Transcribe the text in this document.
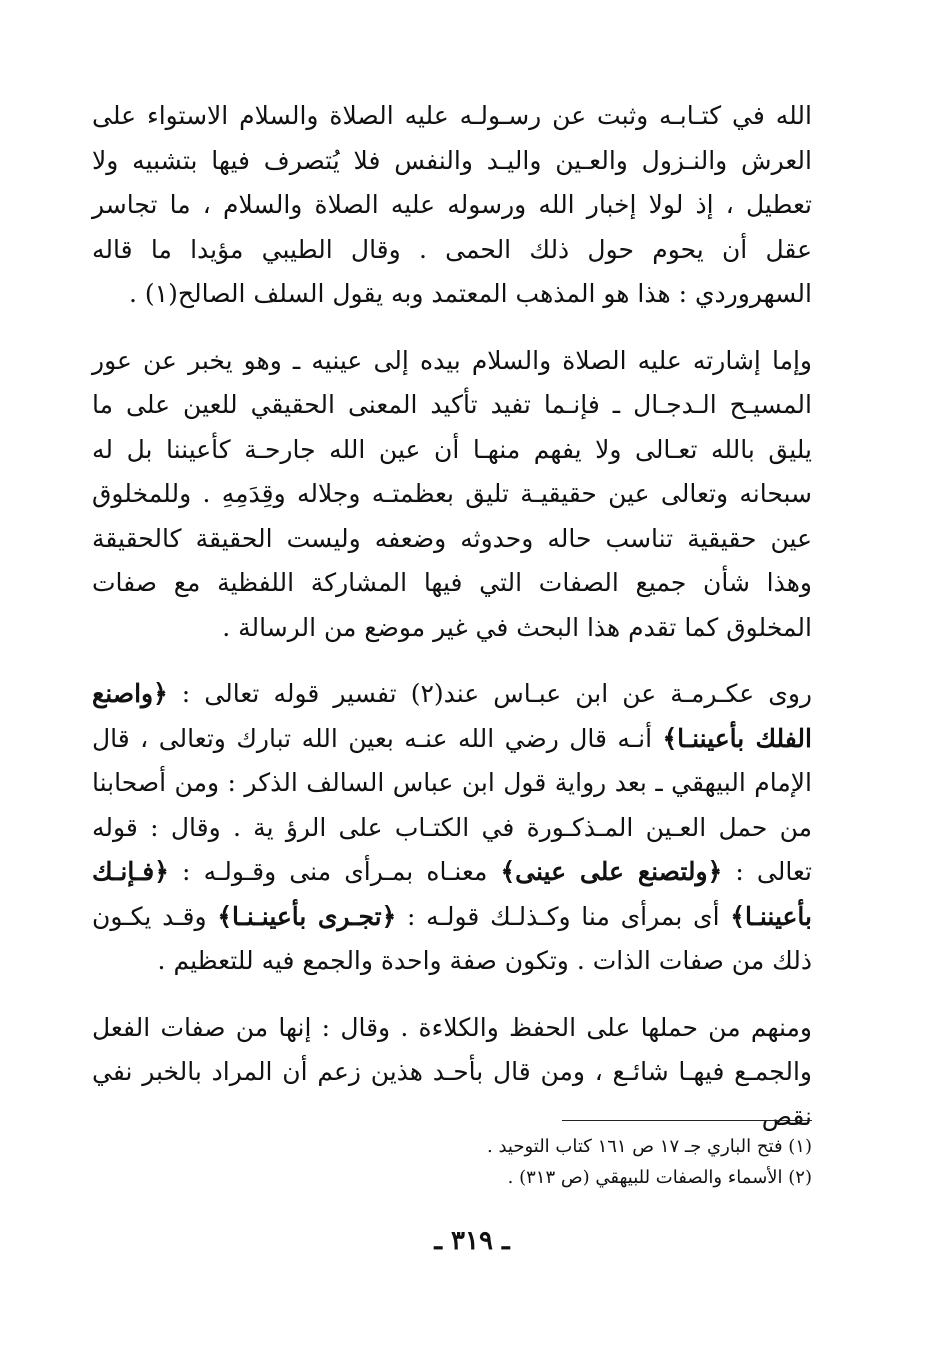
الله في كتـابـه وثبت عن رسـولـه عليه الصلاة والسلام الاستواء على العرش والنـزول والعـين واليـد والنفس فلا يُتصرف فيها بتشبيه ولا تعطيل ، إذ لولا إخبار الله ورسوله عليه الصلاة والسلام ، ما تجاسر عقل أن يحوم حول ذلك الحمى . وقال الطيبي مؤيدا ما قاله السهروردي : هذا هو المذهب المعتمد وبه يقول السلف الصالح(١) .

وإما إشارته عليه الصلاة والسلام بيده إلى عينيه ـ وهو يخبر عن عور المسيـح الـدجـال ـ فإنـما تفيد تأكيد المعنى الحقيقي للعين على ما يليق بالله تعـالى ولا يفهم منهـا أن عين الله جارحـة كأعيننا بل له سبحانه وتعالى عين حقيقيـة تليق بعظمتـه وجلاله وقِدَمِهِ . وللمخلوق عين حقيقية تناسب حاله وحدوثه وضعفه وليست الحقيقة كالحقيقة وهذا شأن جميع الصفات التي فيها المشاركة اللفظية مع صفات المخلوق كما تقدم هذا البحث في غير موضع من الرسالة .

روى عكـرمـة عن ابن عبـاس عند(٢) تفسير قوله تعالى : ﴿واصنع الفلك بأعيننـا﴾ أنـه قال رضي الله عنـه بعين الله تبارك وتعالى ، قال الإمام البيهقي ـ بعد رواية قول ابن عباس السالف الذكر : ومن أصحابنا من حمل العـين المـذكـورة في الكتـاب على الرؤ ية . وقال : قوله تعالى : ﴿ولتصنع على عينى﴾ معنـاه بمـرأى منى وقـولـه : ﴿فـإنـك بأعيننـا﴾ أى بمرأى منا وكـذلـك قولـه : ﴿تجـرى بأعينـنـا﴾ وقـد يكـون ذلك من صفات الذات . وتكون صفة واحدة والجمع فيه للتعظيم .

ومنهم من حملها على الحفظ والكلاءة . وقال : إنها من صفات الفعل والجمـع فيهـا شائـع ، ومن قال بأحـد هذين زعم أن المراد بالخبر نفي نقص

(١) فتح الباري جـ ١٧ ص ١٦١ كتاب التوحيد .

(٢) الأسماء والصفات للبيهقي (ص ٣١٣) .

ـ ٣١٩ ـ
